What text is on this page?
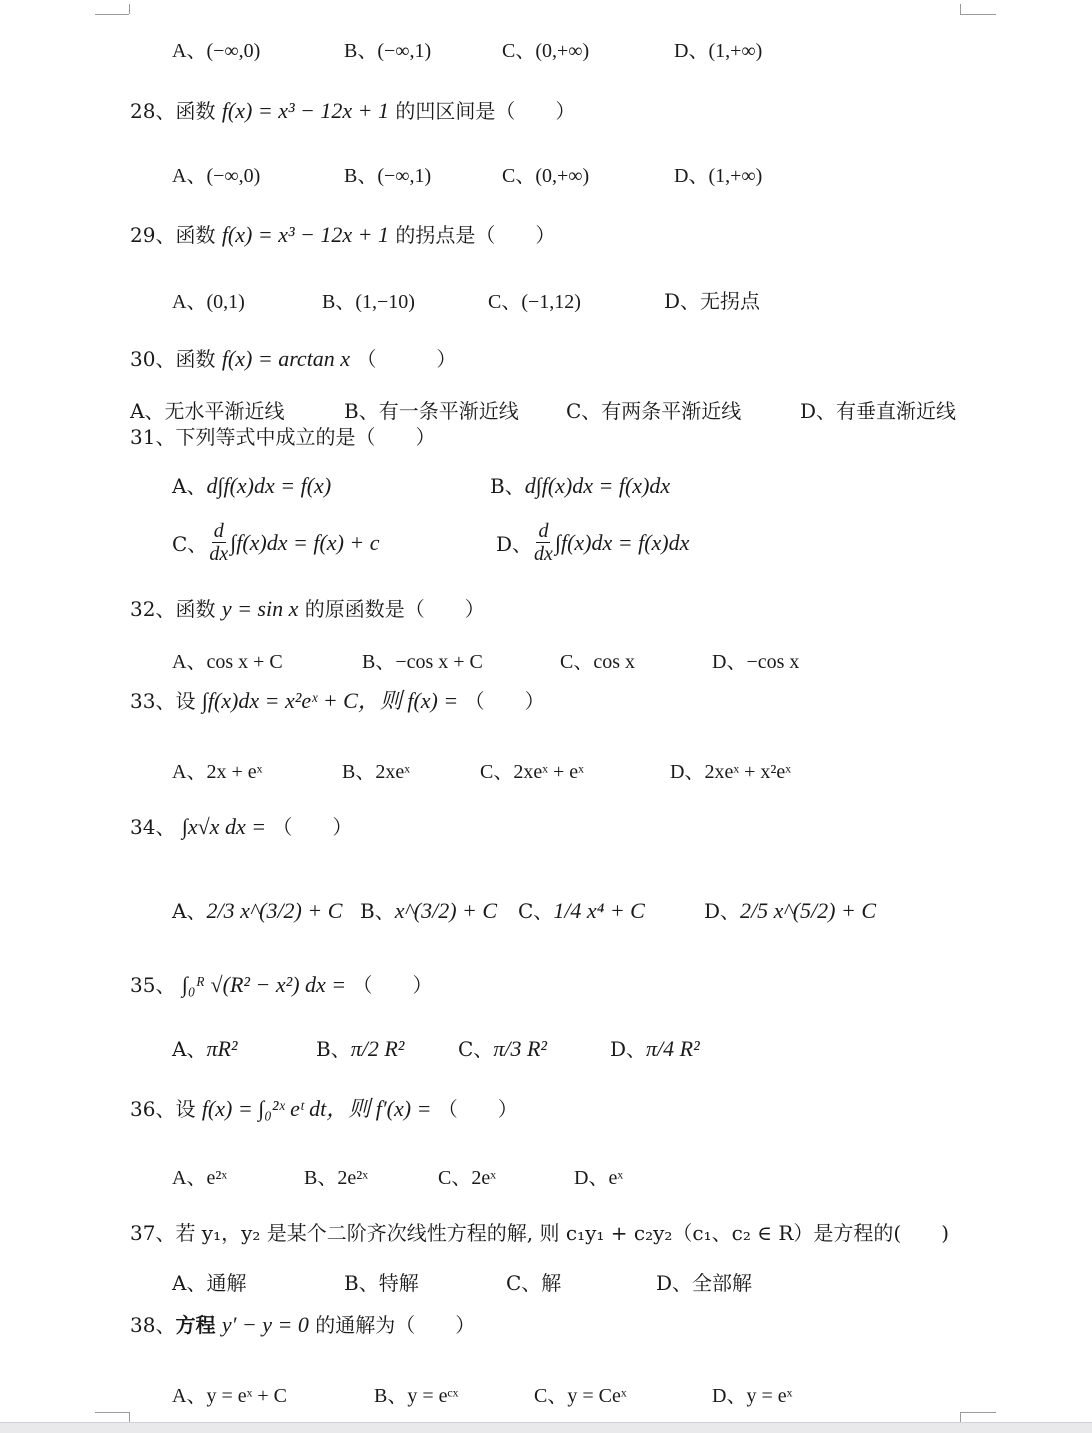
A、(−∞,0)	B、(−∞,1)	C、(0,+∞)	D、(1,+∞)
28、函数 f(x) = x³ − 12x + 1 的凹区间是（　　）
A、(−∞,0)	B、(−∞,1)	C、(0,+∞)	D、(1,+∞)
29、函数 f(x) = x³ − 12x + 1 的拐点是（　　）
A、(0,1)	B、(1,−10)	C、(−1,12)	D、无拐点
30、函数 f(x) = arctan x （　　　）
A、无水平渐近线	B、有一条平渐近线 C、有两条平渐近线	D、有垂直渐近线
31、下列等式中成立的是（　　）
A、d∫f(x)dx = f(x)	B、d∫f(x)dx = f(x)dx
C、 $\frac{d}{dx} \int f(x)dx = f(x) + c$	D、 $\frac{d}{dx} \int f(x)dx = f(x)dx$
32、函数 y = sin x 的原函数是（　　）
A、cos x + C	B、−cos x + C	C、cos x	D、−cos x
33、设 ∫f(x)dx = x²eˣ + C，则 f(x) = （　　）
A、2x + eˣ	B、2xeˣ	C、2xeˣ + eˣ	D、2xeˣ + x²eˣ
34、 ∫x√x dx = （　　）
A、2/3 x^(3/2) + C B、x^(3/2) + C C、1/4 x⁴ + C	D、2/5 x^(5/2) + C
35、 ∫₀ᴿ √(R² − x²) dx = （　　）
A、πR²	B、π/2 R²	C、π/3 R²	D、π/4 R²
36、设 f(x) = ∫₀²ˣ eᵗ dt，则 f′(x) = （　　）
A、e²ˣ	B、2e²ˣ	C、2eˣ	D、eˣ
37、若 y₁，y₂ 是某个二阶齐次线性方程的解, 则 c₁y₁ + c₂y₂（c₁、c₂ ∈ R）是方程的(　　)
A、通解	B、特解	C、解	D、全部解
38、方程 y′ − y = 0 的通解为（　　）
A、y = eˣ + C	B、y = eᶜˣ	C、y = Ceˣ	D、y = eˣ
